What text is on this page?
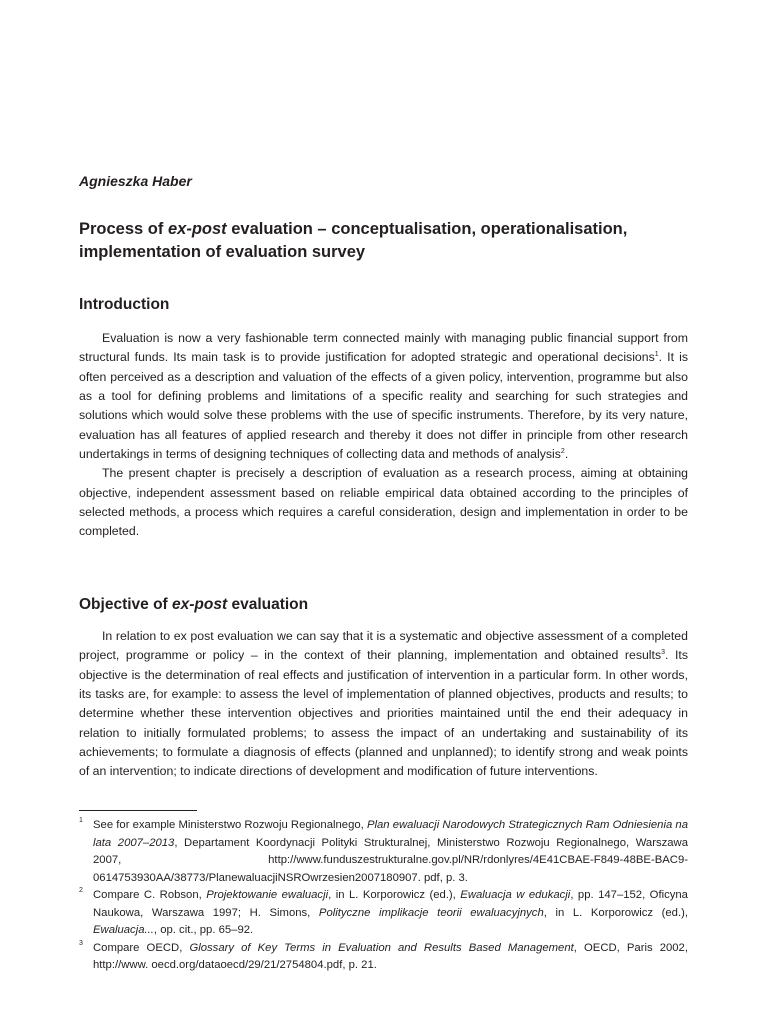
Agnieszka Haber

Process of ex-post evaluation – conceptualisation, operationalisation, implementation of evaluation survey
Introduction

Evaluation is now a very fashionable term connected mainly with managing public financial support from structural funds. Its main task is to provide justification for adopted strategic and operational decisions$^1$. It is often perceived as a description and valuation of the effects of a given policy, intervention, programme but also as a tool for defining problems and limitations of a specific reality and searching for such strategies and solutions which would solve these problems with the use of specific instruments. Therefore, by its very nature, evaluation has all features of applied research and thereby it does not differ in principle from other research undertakings in terms of designing techniques of collecting data and methods of analysis$^2$.

The present chapter is precisely a description of evaluation as a research process, aiming at obtaining objective, independent assessment based on reliable empirical data obtained according to the principles of selected methods, a process which requires a careful consideration, design and implementation in order to be completed.

Objective of ex-post evaluation

In relation to ex post evaluation we can say that it is a systematic and objective assessment of a completed project, programme or policy – in the context of their planning, implementation and obtained results$^3$. Its objective is the determination of real effects and justification of intervention in a particular form. In other words, its tasks are, for example: to assess the level of implementation of planned objectives, products and results; to determine whether these intervention objectives and priorities maintained until the end their adequacy in relation to initially formulated problems; to assess the impact of an undertaking and sustainability of its achievements; to formulate a diagnosis of effects (planned and unplanned); to identify strong and weak points of an intervention; to indicate directions of development and modification of future interventions.

1 See for example Ministerstwo Rozwoju Regionalnego, Plan ewaluacji Narodowych Strategicznych Ram Odniesienia na lata 2007–2013, Departament Koordynacji Polityki Strukturalnej, Ministerstwo Rozwoju Regionalnego, Warszawa 2007, http://www.funduszestrukturalne.gov.pl/NR/rdonlyres/4E41CBAE-F849-48BE-BAC9-0614753930AA/38773/PlanewaluacjiNSROwrzesien2007180907. pdf, p. 3.
2 Compare C. Robson, Projektowanie ewaluacji, in L. Korporowicz (ed.), Ewaluacja w edukacji, pp. 147–152, Oficyna Naukowa, Warszawa 1997; H. Simons, Polityczne implikacje teorii ewaluacyjnych, in L. Korporowicz (ed.), Ewaluacja..., op. cit., pp. 65–92.
3 Compare OECD, Glossary of Key Terms in Evaluation and Results Based Management, OECD, Paris 2002, http://www. oecd.org/dataoecd/29/21/2754804.pdf, p. 21.
